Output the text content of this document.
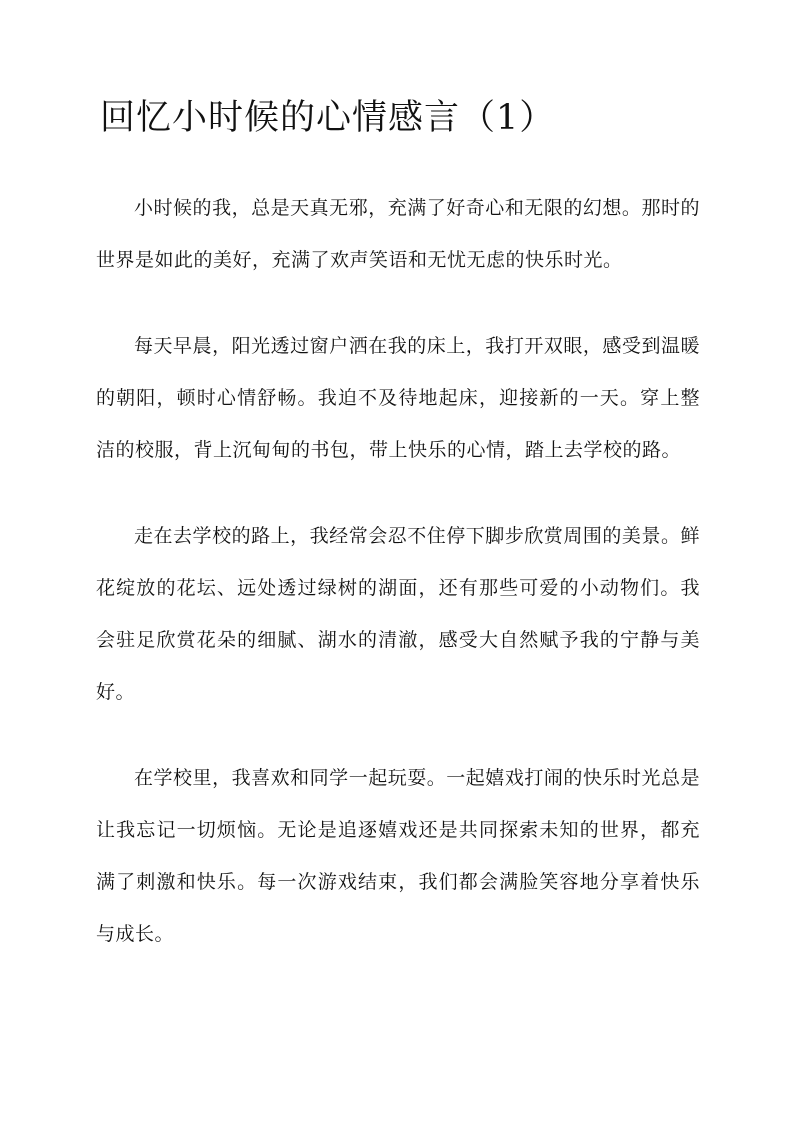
回忆小时候的心情感言（1）

小时候的我，总是天真无邪，充满了好奇心和无限的幻想。那时的世界是如此的美好，充满了欢声笑语和无忧无虑的快乐时光。

每天早晨，阳光透过窗户洒在我的床上，我打开双眼，感受到温暖的朝阳，顿时心情舒畅。我迫不及待地起床，迎接新的一天。穿上整洁的校服，背上沉甸甸的书包，带上快乐的心情，踏上去学校的路。

走在去学校的路上，我经常会忍不住停下脚步欣赏周围的美景。鲜花绽放的花坛、远处透过绿树的湖面，还有那些可爱的小动物们。我会驻足欣赏花朵的细腻、湖水的清澈，感受大自然赋予我的宁静与美好。

在学校里，我喜欢和同学一起玩耍。一起嬉戏打闹的快乐时光总是让我忘记一切烦恼。无论是追逐嬉戏还是共同探索未知的世界，都充满了刺激和快乐。每一次游戏结束，我们都会满脸笑容地分享着快乐与成长。
